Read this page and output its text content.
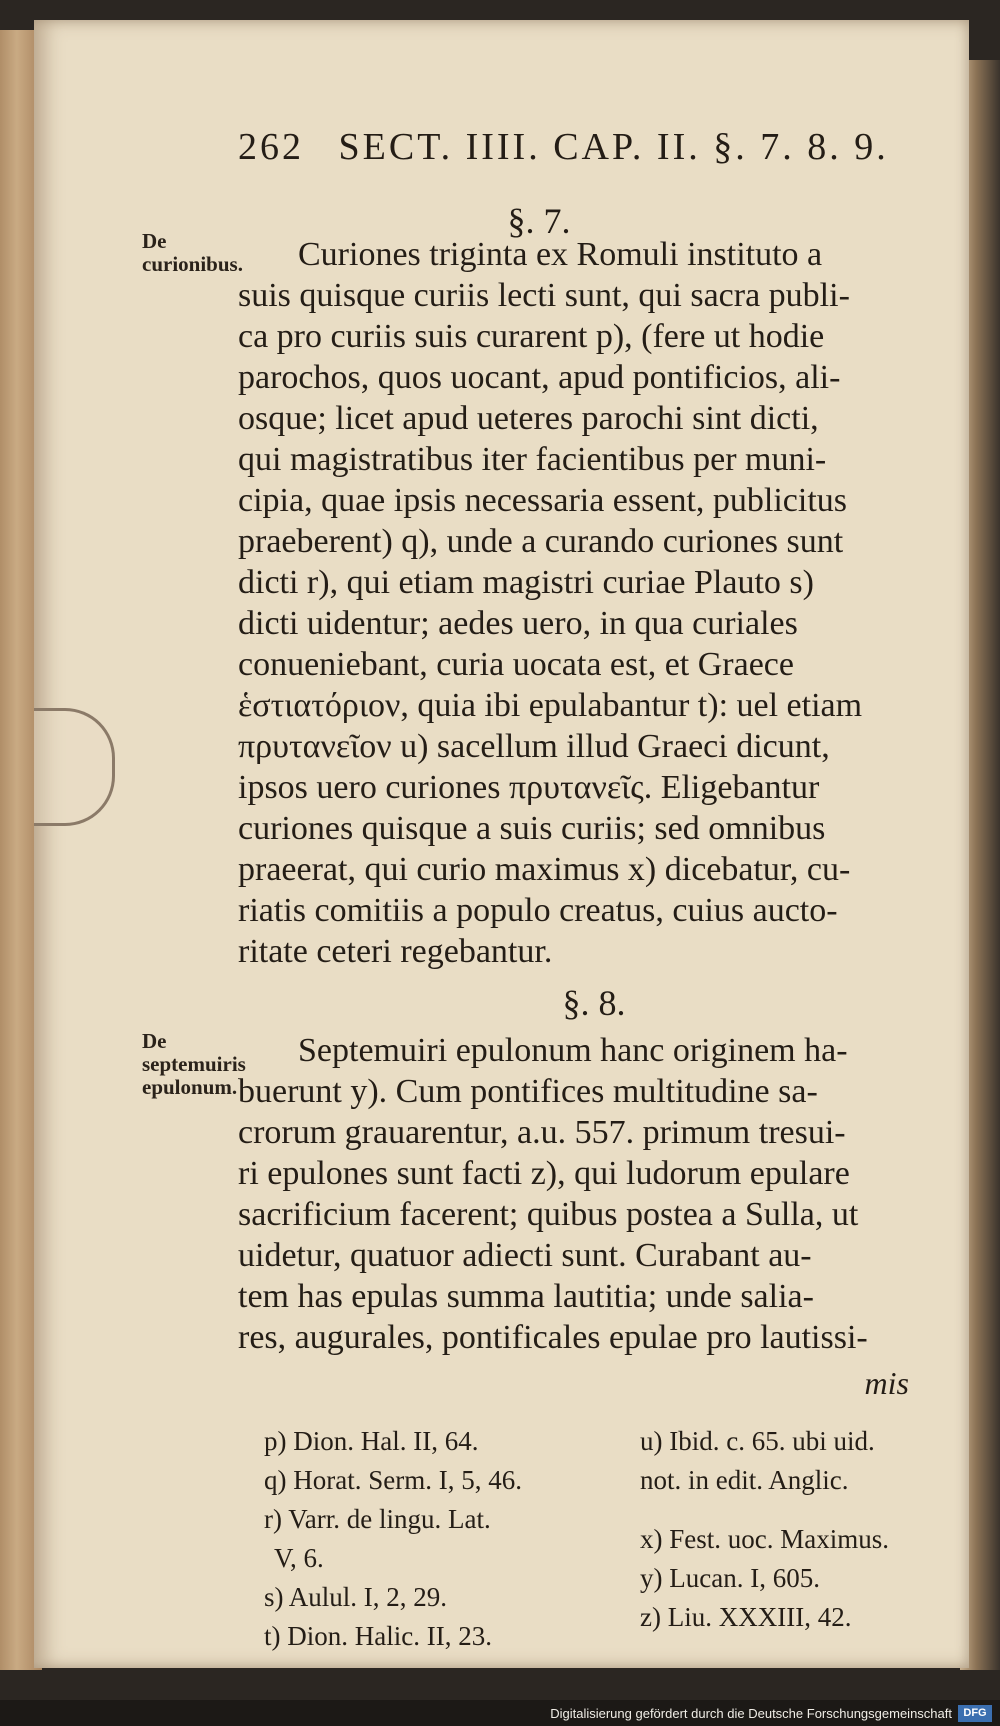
262 SECT. IIII. CAP. II. §. 7. 8. 9.
§. 7.
De curionibus.	Curiones triginta ex Romuli instituto a

suis quisque curiis lecti sunt, qui sacra publi-

ca pro curiis suis curarent p), (fere ut hodie

parochos, quos uocant, apud pontificios, ali-

osque; licet apud ueteres parochi sint dicti,

qui magistratibus iter facientibus per muni-

cipia, quae ipsis necessaria essent, publicitus

praeberent) q), unde a curando curiones sunt

dicti r), qui etiam magistri curiae Plauto s)

dicti uidentur; aedes uero, in qua curiales

conueniebant, curia uocata est, et Graece

ἑστιατόριον, quia ibi epulabantur t): uel etiam

πρυτανεῖον u) sacellum illud Graeci dicunt,

ipsos uero curiones πρυτανεῖς. Eligebantur

curiones quisque a suis curiis; sed omnibus

praeerat, qui curio maximus x) dicebatur, cu-

riatis comitiis a populo creatus, cuius aucto-

ritate ceteri regebantur.

§. 8.
De septemuiris epulonum.

Septemuiri epulonum hanc originem ha-

buerunt y). Cum pontifices multitudine sa-

crorum grauarentur, a.u. 557. primum tresui-

ri epulones sunt facti z), qui ludorum epulare

sacrificium facerent; quibus postea a Sulla, ut

uidetur, quatuor adiecti sunt. Curabant au-

tem has epulas summa lautitia; unde salia-

res, augurales, pontificales epulae pro lautissi-

mis
p) Dion. Hal. II, 64.
q) Horat. Serm. I, 5, 46.
r) Varr. de lingu. Lat.
V, 6.
s) Aulul. I, 2, 29.
t) Dion. Halic. II, 23.
u) Ibid. c. 65. ubi uid.
not. in edit. Anglic.
x) Fest. uoc. Maximus.
y) Lucan. I, 605.
z) Liu. XXXIII, 42.
Digitalisierung gefördert durch die Deutsche Forschungsgemeinschaft	DFG
